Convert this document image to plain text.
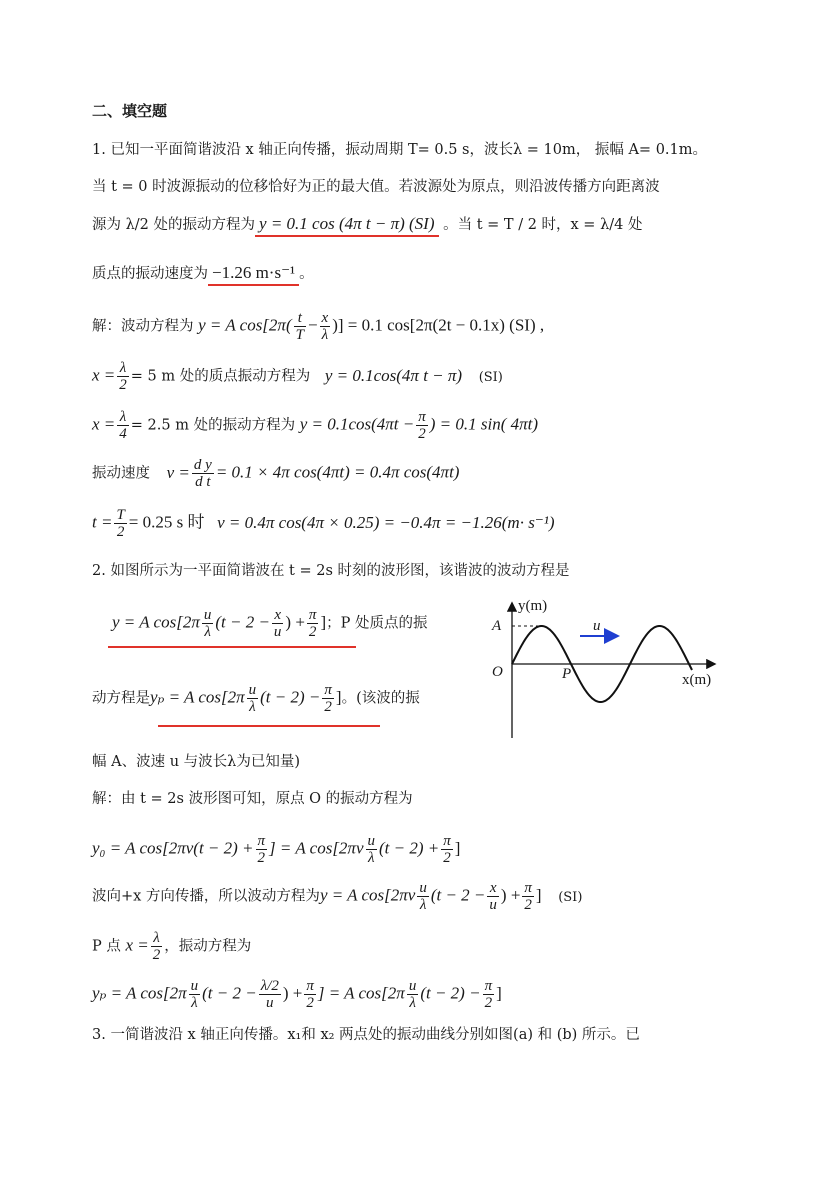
二、填空题
1. 已知一平面简谐波沿 x 轴正向传播，振动周期 T= 0.5 s，波长λ = 10m， 振幅 A= 0.1m。
当 t = 0 时波源振动的位移恰好为正的最大值。若波源处为原点，则沿波传播方向距离波
源为 λ/2 处的振动方程为 y = 0.1 cos (4π t − π) (SI) 。当 t = T / 2 时，x = λ/4 处
质点的振动速度为 −1.26 m·s⁻¹ 。
解：波动方程为 y = A $\cos[2\pi( \frac{t}{T} - \frac{x}{\lambda}$ )] = 0.1 cos[2π(2t − 0.1x) (SI) ,
$x = \frac{\lambda}{2} = 5$ m 处的质点振动方程为 y = 0.1cos(4π t − π) (SI)
$x = \frac{\lambda}{4} = 2.5$ m 处的振动方程为 $y = 0.1\cos(4\pi t - \frac{\pi}{2}$ ) = 0.1 sin( 4πt)
振动速度 $v = \frac{\text{d y}}{\text{d t}} = 0.1 \times 4\pi$ cos(4πt) = 0.4π cos(4πt)
$t = \frac{T}{2} = 0.25$ s 时 v = 0.4π cos(4π × 0.25) = −0.4π = −1.26(m· s⁻¹)
2. 如图所示为一平面简谐波在 t = 2s 时刻的波形图，该谐波的波动方程是
y = A $\cos[2\pi \frac{u}{\lambda} (t - 2 - \frac{x}{u}$ ) + $\frac{\pi}{2}$ ]；P 处质点的振
动方程是yₚ = A $\cos[2\pi \frac{u}{\lambda} (t - 2) - \frac{\pi}{2}$ ]。(该波的振
幅 A、波速 u 与波长λ为已知量)
解：由 t = 2s 波形图可知，原点 O 的振动方程为
y₀ = A $\cos[2\pi\nu(t - 2) + \frac{\pi}{2}$ ] = A $\cos[2\pi\nu \frac{u}{\lambda} (t - 2) + \frac{\pi}{2}$ ]
波向+x 方向传播，所以波动方程为y = A $\cos[2\pi\nu \frac{u}{\lambda} (t - 2 - \frac{x}{u}$ ) + $\frac{\pi}{2}$ ] (SI)
P 点 $x = \frac{\lambda}{2}$ ，振动方程为
yₚ = A $\cos[2\pi \frac{u}{\lambda} (t - 2 - \frac{\lambda/2}{u}$ ) + $\frac{\pi}{2}$ ] = A $\cos[2\pi \frac{u}{\lambda} (t - 2) - \frac{\pi}{2}$ ]
3. 一简谐波沿 x 轴正向传播。x₁和 x₂ 两点处的振动曲线分别如图(a) 和 (b) 所示。已
y(m)
A
O	P
u
x(m)
